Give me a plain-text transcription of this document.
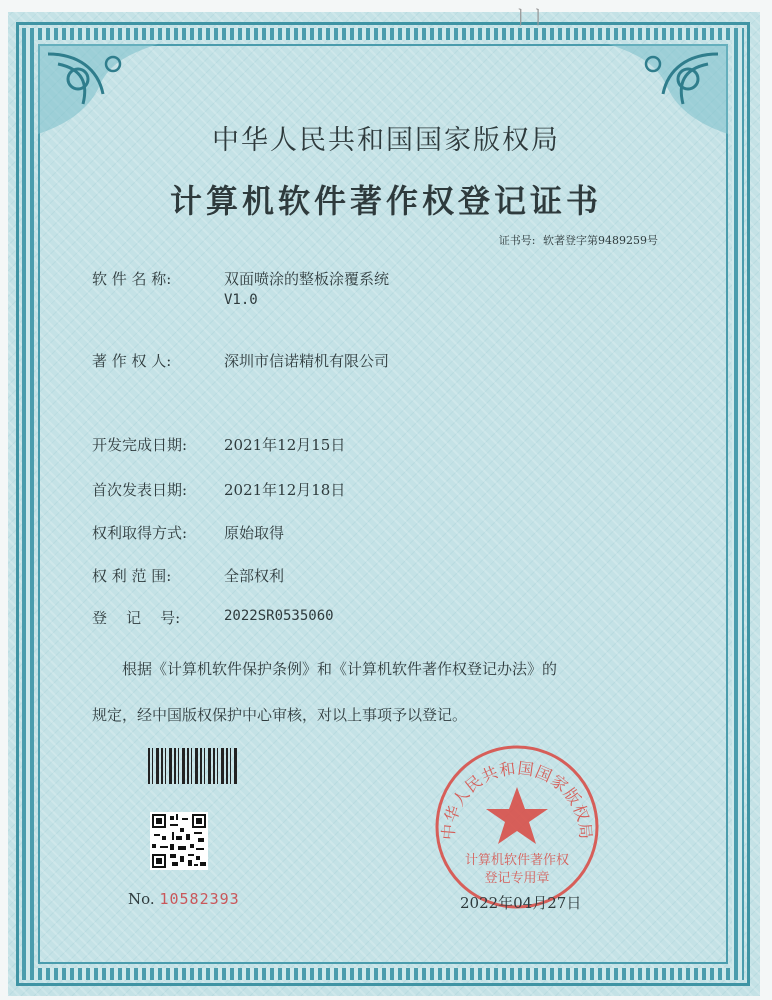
ㅣㅣ
中华人民共和国国家版权局
计算机软件著作权登记证书
证书号: 软著登字第9489259号
软 件 名 称:	双面喷涂的整板涂覆系统
V1.0
著 作 权 人:	深圳市信诺精机有限公司
开发完成日期:	2021年12月15日
首次发表日期:	2021年12月18日
权利取得方式:	原始取得
权 利 范 围:	全部权利
登    记    号:	2022SR0535060
根据《计算机软件保护条例》和《计算机软件著作权登记办法》的
规定，经中国版权保护中心审核，对以上事项予以登记。
No. 10582393
中华人民共和国国家版权局
计算机软件著作权
登记专用章
2022年04月27日
